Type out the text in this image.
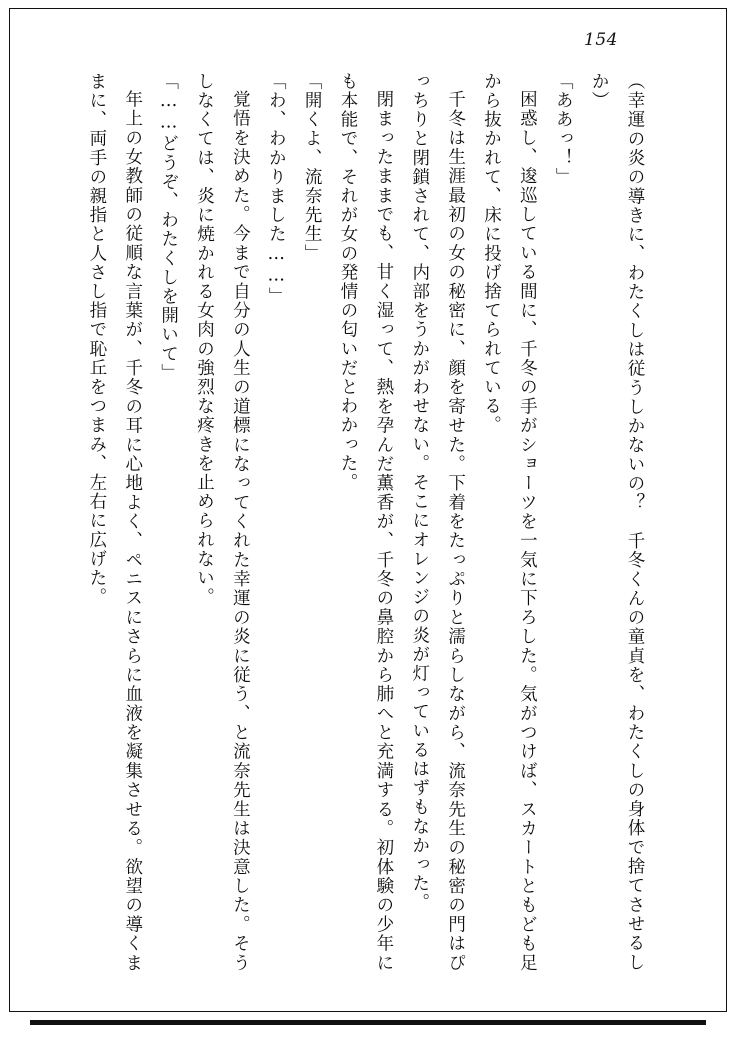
154

（幸運の炎の導きに、わたくしは従うしかないの？　千冬くんの童貞を、わたくしの身体で捨てさせるしか）

「ああっ！」

困惑し、逡巡している間に、千冬の手がショーツを一気に下ろした。気がつけば、スカートともども足から抜かれて、床に投げ捨てられている。

千冬は生涯最初の女の秘密に、顔を寄せた。下着をたっぷりと濡らしながら、流奈先生の秘密の門はぴっちりと閉鎖されて、内部をうかがわせない。そこにオレンジの炎が灯っているはずもなかった。

閉まったままでも、甘く湿って、熱を孕んだ薫香が、千冬の鼻腔から肺へと充満する。初体験の少年にも本能で、それが女の発情の匂いだとわかった。

「開くよ、流奈先生」

「わ、わかりました……」

覚悟を決めた。今まで自分の人生の道標になってくれた幸運の炎に従う、と流奈先生は決意した。そうしなくては、炎に焼かれる女肉の強烈な疼きを止められない。

「……どうぞ、わたくしを開いて」

年上の女教師の従順な言葉が、千冬の耳に心地よく、ペニスにさらに血液を凝集させる。欲望の導くままに、両手の親指と人さし指で恥丘をつまみ、左右に広げた。
